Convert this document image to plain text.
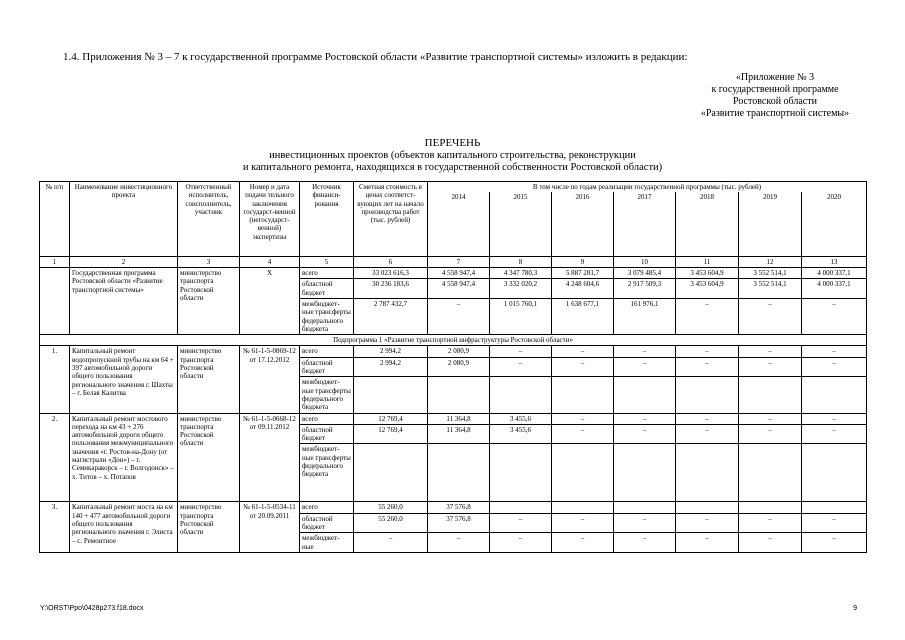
1.4. Приложения № 3 – 7 к государственной программе Ростовской области «Развитие транспортной системы» изложить в редакции:
«Приложение № 3
к государственной программе
Ростовской области
«Развитие транспортной системы»
ПЕРЕЧЕНЬ
инвестиционных проектов (объектов капитального строительства, реконструкции
и капитального ремонта, находящихся в государственной собственности Ростовской области)
№ п/п	Наименование инвестиционного проекта	Ответственный исполнитель, соисполнитель, участник	Номер и дата подачи тельного заключения государст-венной (негосударст-венной) экспертизы	Источник финанси-рования	Сметная стоимость в ценах соответст-вующих лет на начало производства работ (тыс. рублей)	В том числе по годам реализации государственной программы (тыс. рублей)						
						2014	2015	2016	2017	2018	2019	2020
1	2	3	4	5	6	7	8	9	10	11	12	13
	Государственная программа Ростовской области «Развитие транспортной системы»	министерство транспорта Ростовской области	Х	всего	33 023 616,3	4 558 947,4	4 347 780,3	5 887 281,7	3 079 485,4	3 453 604,9	3 552 514,1	4 000 337,1
				областной бюджет	30 236 183,6	4 558 947,4	3 332 020,2	4 248 604,6	2 917 509,3	3 453 604,9	3 552 514,1	4 000 337,1
				межбюджет-ные трансферты федерального бюджета	2 787 432,7	–	1 015 760,1	1 638 677,1	161 976,1	–	–	–
Подпрограмма 1 «Развитие транспортной инфраструктуры Ростовской области»												
1.	Капитальный ремонт водопропускной трубы на км 64 + 397 автомобильной дороги общего пользования регионального значения г. Шахты – г. Белая Калитва	министерство транспорта Ростовской области	№ 61-1-5-0869-12 от 17.12.2012	всего	2 994,2	2 080,9	–	–	–	–	–	–
				областной бюджет	2 994,2	2 080,9	–	–	–	–	–	–
				межбюджет-ные трансферты федерального бюджета								
2.	Капитальный ремонт мостового перехода на км 43 + 276 автомобильной дороги общего пользования межмуниципального значения «г. Ростов-на-Дону (от магистрали «Дон») – г. Семикаракорск – г. Волгодонск» – х. Титов – х. Потапов	министерство транспорта Ростовской области	№ 61-1-5-0668-12 от 09.11.2012	всего	12 769,4	11 364,8	3 455,6	–	–	–	–	–
				областной бюджет	12 769,4	11 364,8	3 455,6	–	–	–	–	–
				межбюджет-ные трансферты федерального бюджета								
3.	Капитальный ремонт моста на км 140 + 477 автомобильной дороги общего пользования регионального значения г. Элиста – с. Ремонтное	министерство транспорта Ростовской области	№ 61-1-5-0534-11 от 20.09.2011	всего	55 260,0	37 576,8						
				областной бюджет	55 260,0	37 576,8	–	–	–	–	–	–
				межбюджет-ные	–	–	–	–	–	–	–	–
Y:\ORST\Ppo\0428p273.f18.docx	9
